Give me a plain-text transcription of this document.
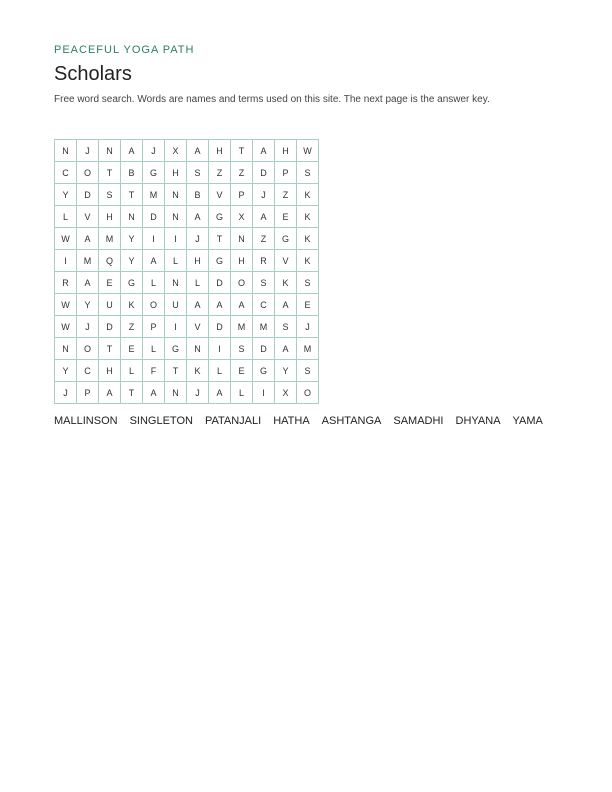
PEACEFUL YOGA PATH

Scholars

Free word search. Words are names and terms used on this site. The next page is the answer key.

N	J	N	A	J	X	A	H	T	A	H	W
C	O	T	B	G	H	S	Z	Z	D	P	S
Y	D	S	T	M	N	B	V	P	J	Z	K
L	V	H	N	D	N	A	G	X	A	E	K
W	A	M	Y	I	I	J	T	N	Z	G	K
I	M	Q	Y	A	L	H	G	H	R	V	K
R	A	E	G	L	N	L	D	O	S	K	S
W	Y	U	K	O	U	A	A	A	C	A	E
W	J	D	Z	P	I	V	D	M	M	S	J
N	O	T	E	L	G	N	I	S	D	A	M
Y	C	H	L	F	T	K	L	E	G	Y	S
J	P	A	T	A	N	J	A	L	I	X	O
MALLINSON SINGLETON PATANJALI HATHA ASHTANGA SAMADHI DHYANA YAMA
